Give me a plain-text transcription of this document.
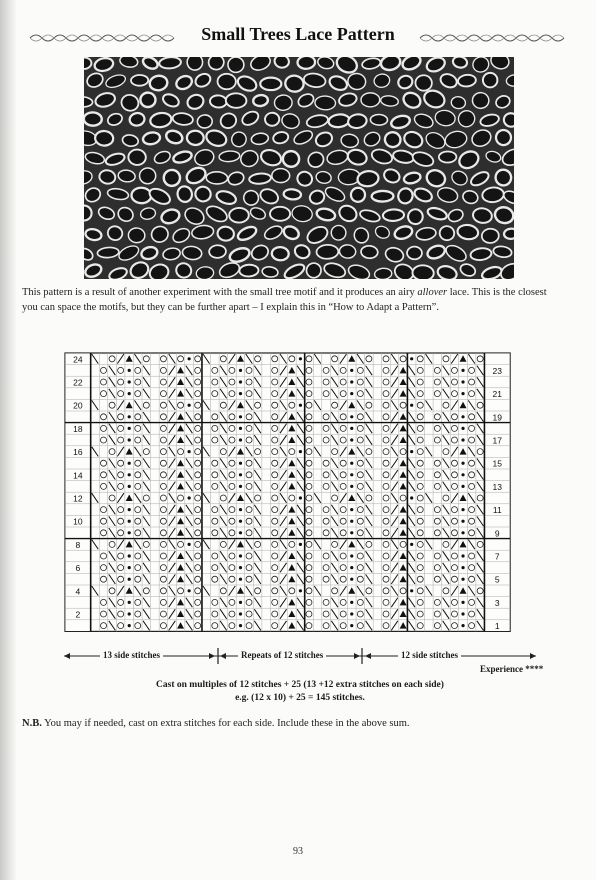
Small Trees Lace Pattern
This pattern is a result of another experiment with the small tree motif and it produces an airy allover lace. This is the closest you can space the motifs, but they can be further apart – I explain this in “How to Adapt a Pattern”.
24
22
20
18
16
14
12
10
8
6
4
2
23
21
19
17
15
13
11
9
7
5
3
1
13 side stitches	Repeats of 12 stitches	12 side stitches
Experience ****
Cast on multiples of 12 stitches + 25 (13 +12 extra stitches on each side)
e.g. (12 x 10) + 25 = 145 stitches.
N.B. You may if needed, cast on extra stitches for each side. Include these in the above sum.
93
